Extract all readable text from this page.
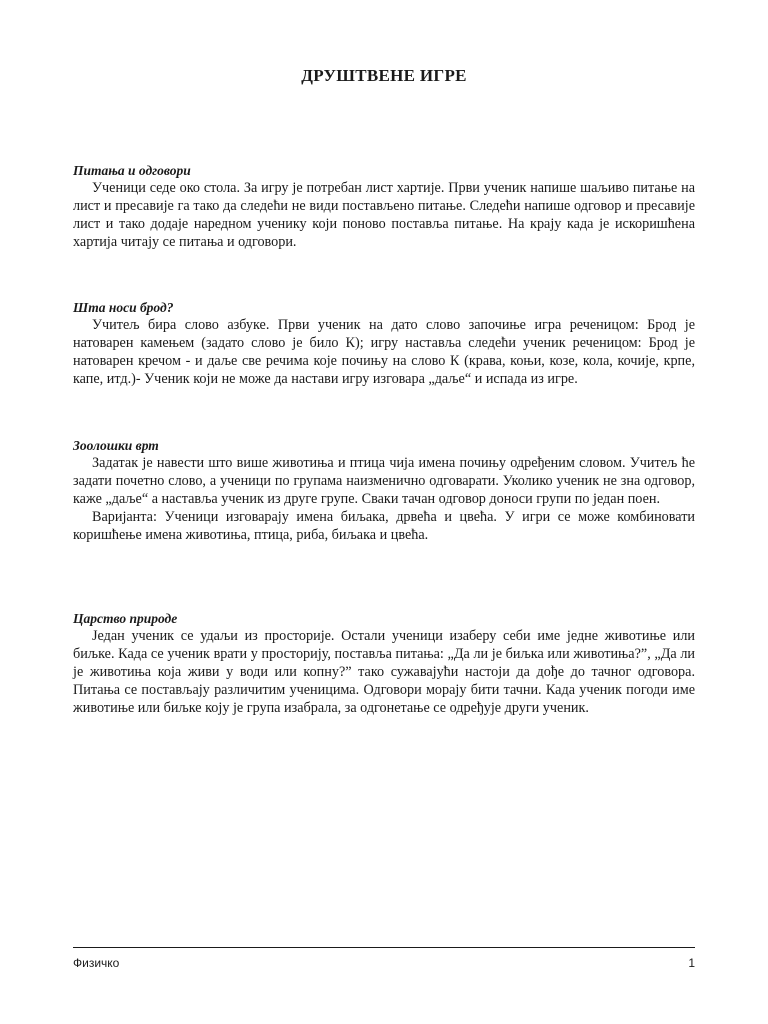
ДРУШТВЕНЕ ИГРЕ

Питања и одговори

Ученици седе око стола. За игру је потребан лист хартије. Први ученик напише шаљиво питање на лист и пресавије га тако да следећи не види постављено питање. Следећи напише одговор и пресавије лист и тако додаје наредном ученику који поново поставља питање. На крају када је искоришћена хартија читају се питања и одговори.

Шта носи брод?

Учитељ бира слово азбуке. Први ученик на дато слово започиње игра реченицом: Брод је натоварен камењем (задато слово је било К); игру наставља следећи ученик реченицом: Брод је натоварен кречом - и даље све речима које почињу на слово К (крава, коњи, козе, кола, кочије, крпе, капе, итд.)- Ученик који не може да настави игру изговара „даље“ и испада из игре.

Зоолошки врт

Задатак је навести што више животиња и птица чија имена почињу одређеним словом. Учитељ ће задати почетно слово, а ученици по групама наизменично одговарати. Уколико ученик не зна одговор, каже „даље“ а наставља ученик из друге групе. Сваки тачан одговор доноси групи по један поен.

Варијанта: Ученици изговарају имена биљака, дрвећа и цвећа. У игри се може комбиновати коришћење имена животиња, птица, риба, биљака и цвећа.

Царство природе

Један ученик се удаљи из просторије. Остали ученици изаберу себи име једне животиње или биљке. Када се ученик врати у просторију, поставља питања: „Да ли је биљка или животиња?”, „Да ли је животиња која живи у води или копну?” тако сужавајући настоји да дође до тачног одговора. Питања се постављају различитим ученицима. Одговори морају бити тачни. Када ученик погоди име животиње или биљке коју је група изабрала, за одгонетање се одређује други ученик.

Физичко	1
